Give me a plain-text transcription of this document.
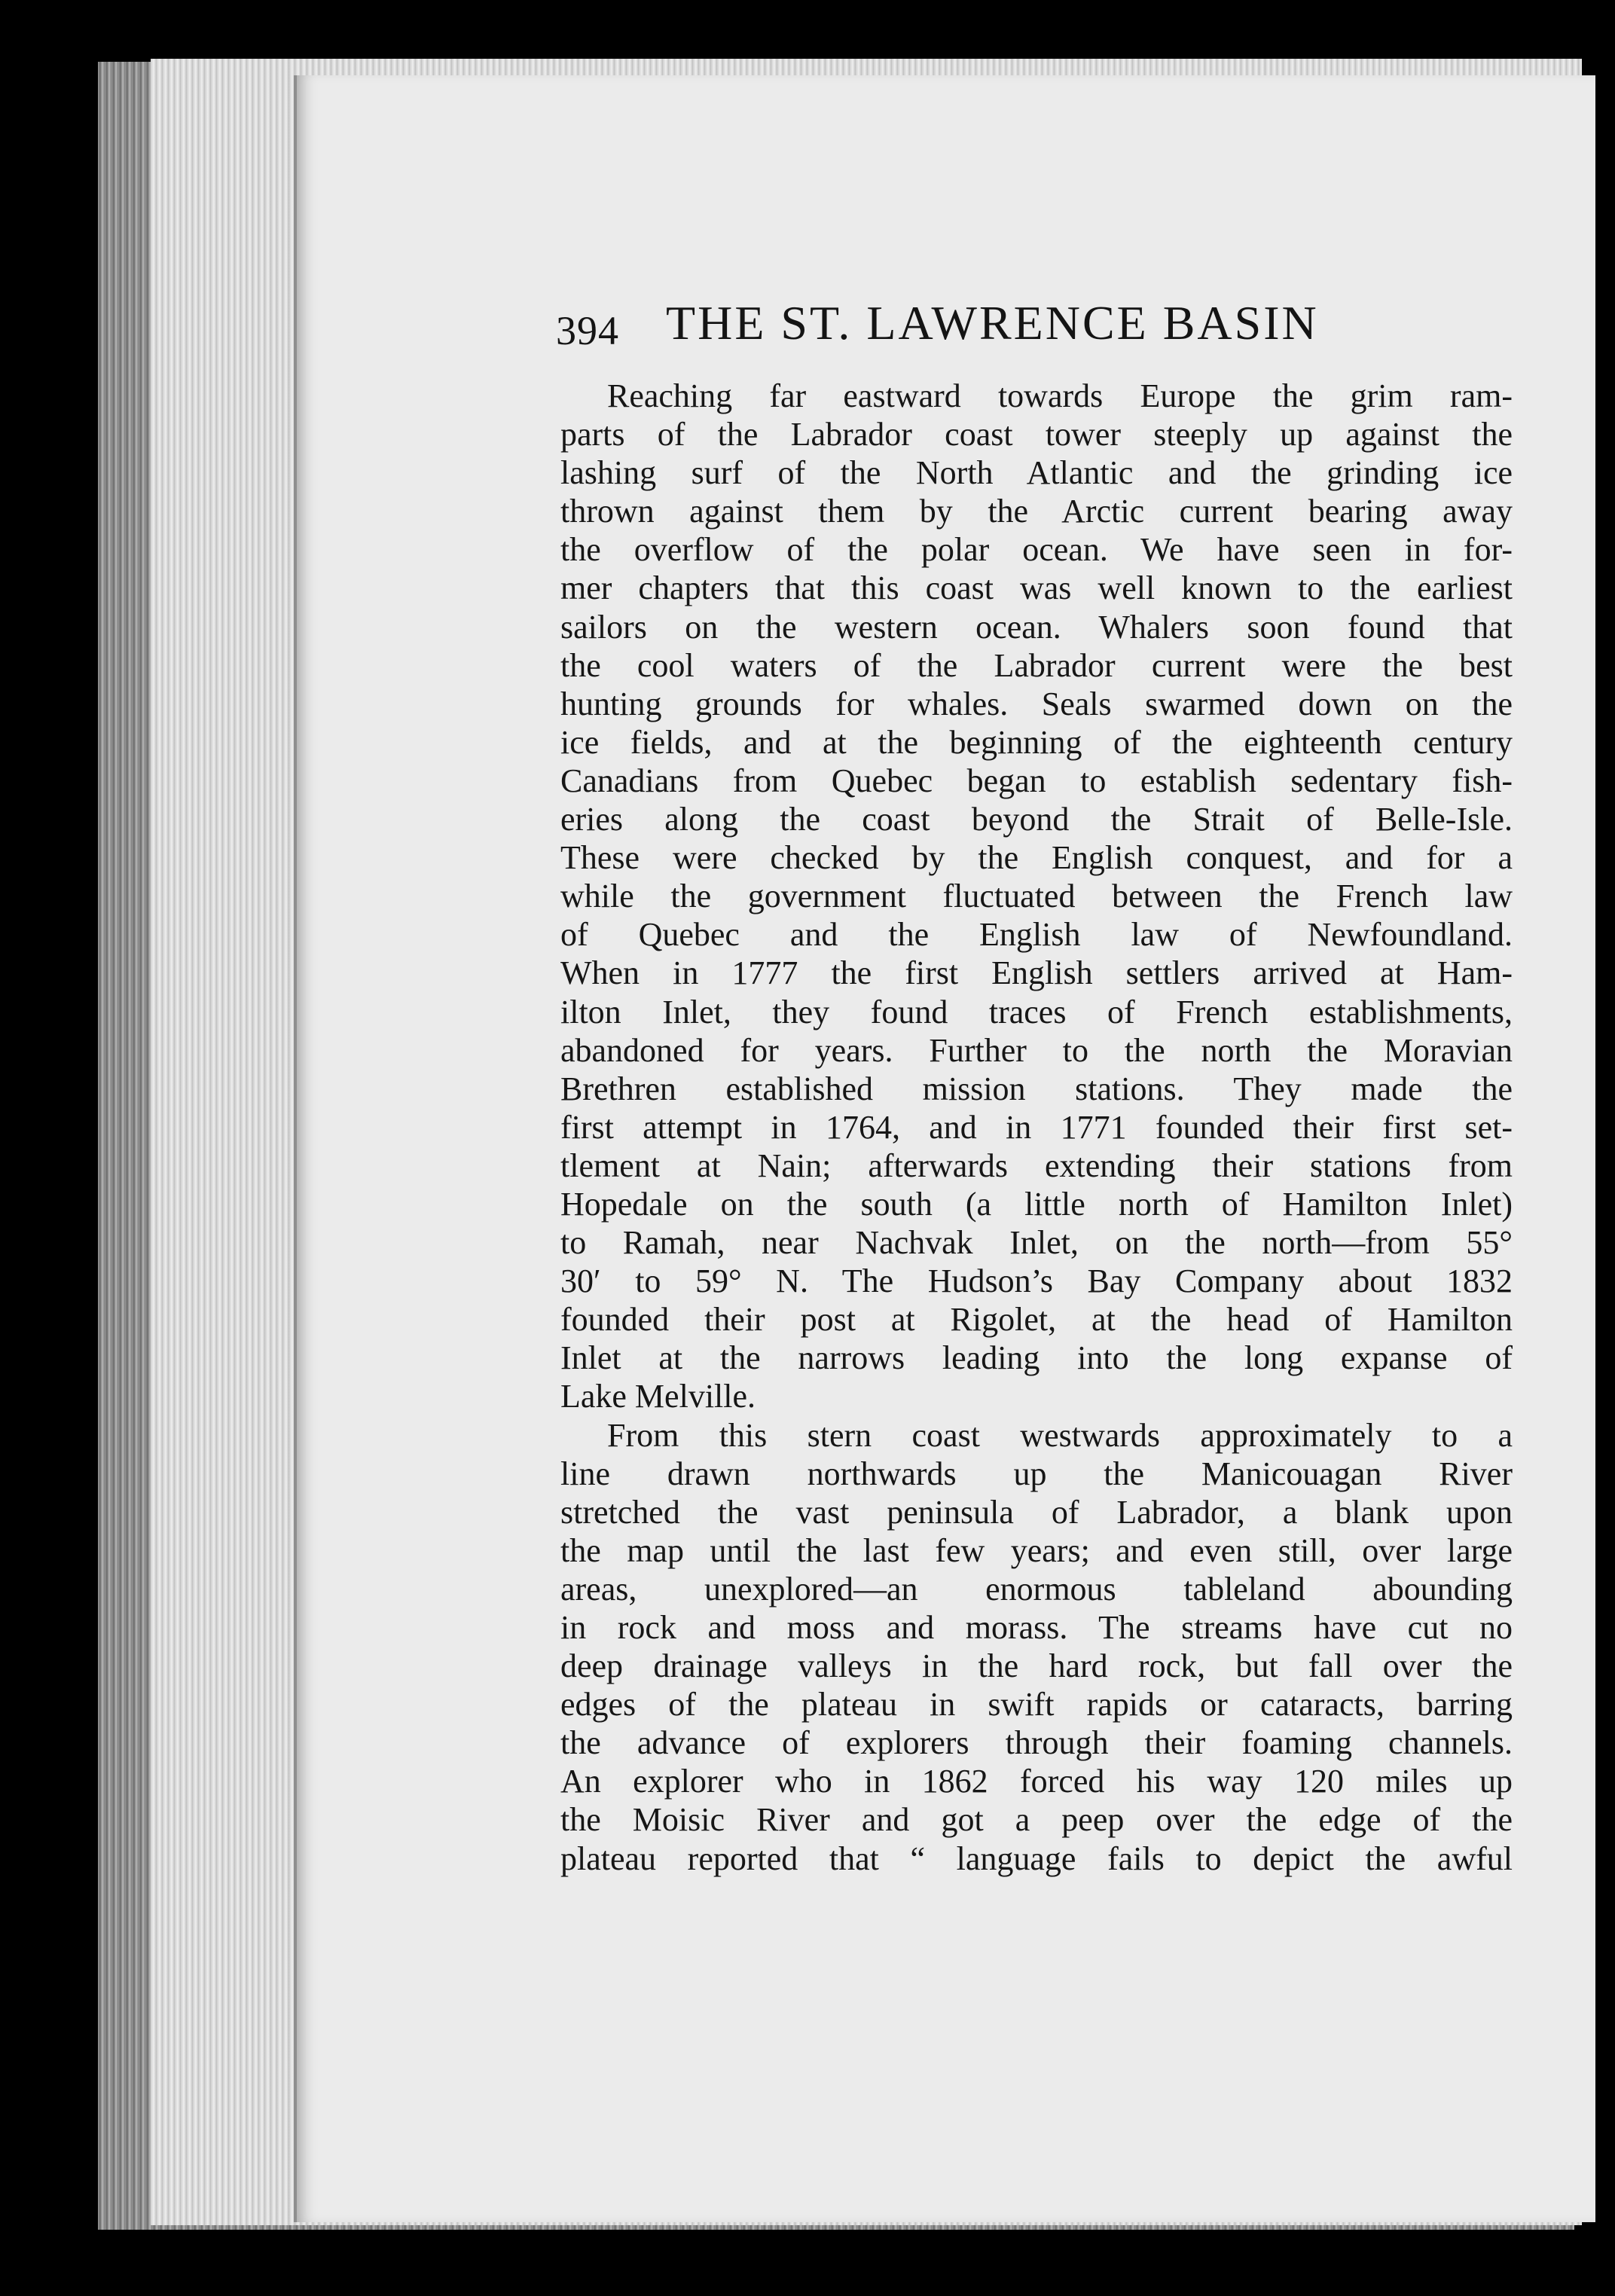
394 THE ST. LAWRENCE BASIN
Reaching far eastward towards Europe the grim ram-
parts of the Labrador coast tower steeply up against the
lashing surf of the North Atlantic and the grinding ice
thrown against them by the Arctic current bearing away
the overflow of the polar ocean. We have seen in for-
mer chapters that this coast was well known to the earliest
sailors on the western ocean. Whalers soon found that
the cool waters of the Labrador current were the best
hunting grounds for whales. Seals swarmed down on the
ice fields, and at the beginning of the eighteenth century
Canadians from Quebec began to establish sedentary fish-
eries along the coast beyond the Strait of Belle-Isle.
These were checked by the English conquest, and for a
while the government fluctuated between the French law
of Quebec and the English law of Newfoundland.
When in 1777 the first English settlers arrived at Ham-
ilton Inlet, they found traces of French establishments,
abandoned for years. Further to the north the Moravian
Brethren established mission stations. They made the
first attempt in 1764, and in 1771 founded their first set-
tlement at Nain; afterwards extending their stations from
Hopedale on the south (a little north of Hamilton Inlet)
to Ramah, near Nachvak Inlet, on the north—from 55°
30′ to 59° N. The Hudson’s Bay Company about 1832
founded their post at Rigolet, at the head of Hamilton
Inlet at the narrows leading into the long expanse of
Lake Melville.
From this stern coast westwards approximately to a
line drawn northwards up the Manicouagan River
stretched the vast peninsula of Labrador, a blank upon
the map until the last few years; and even still, over large
areas, unexplored—an enormous tableland abounding
in rock and moss and morass. The streams have cut no
deep drainage valleys in the hard rock, but fall over the
edges of the plateau in swift rapids or cataracts, barring
the advance of explorers through their foaming channels.
An explorer who in 1862 forced his way 120 miles up
the Moisic River and got a peep over the edge of the
plateau reported that “ language fails to depict the awful
